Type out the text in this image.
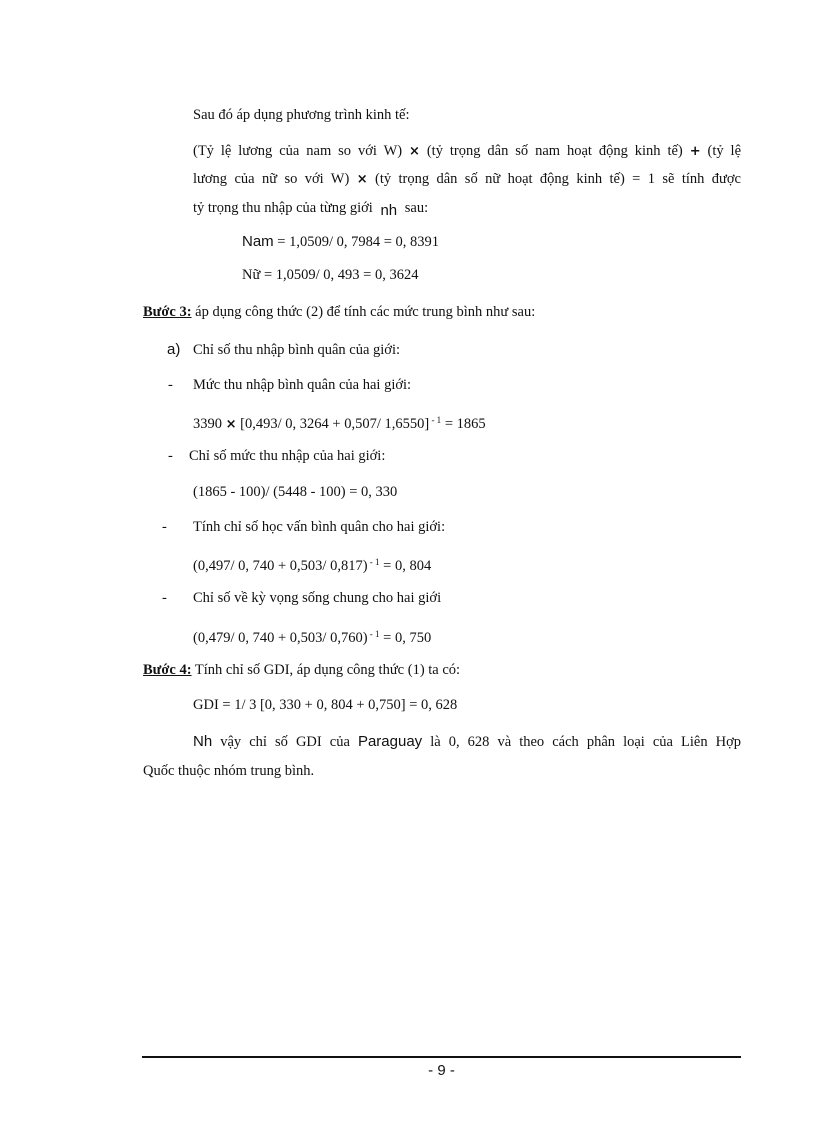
Sau đó áp dụng phương trình kinh tế:
(Tỷ lệ lương của nam so với W) × (tỷ trọng dân số nam hoạt động kinh tế) + (tỷ lệ
lương của nữ so với W) × (tỷ trọng dân số nữ hoạt động kinh tế) = 1 sẽ tính được
tỷ trọng thu nhập của từng giới nh sau:
Nam = 1,0509/ 0, 7984 = 0, 8391
Nữ = 1,0509/ 0, 493 = 0, 3624
Bước 3: áp dụng công thức (2) để tính các mức trung bình như sau:
a) Chỉ số thu nhập bình quân của giới:
- Mức thu nhập bình quân của hai giới:
3390 × [0,493/ 0, 3264 + 0,507/ 1,6550] $^{- 1}$ = 1865
- Chỉ số mức thu nhập của hai giới:
(1865 - 100)/ (5448 - 100) = 0, 330
- Tính chỉ số học vấn bình quân cho hai giới:
(0,497/ 0, 740 + 0,503/ 0,817) $^{- 1}$ = 0, 804
- Chỉ số về kỳ vọng sống chung cho hai giới
(0,479/ 0, 740 + 0,503/ 0,760) $^{- 1}$ = 0, 750
Bước 4: Tính chỉ số GDI, áp dụng công thức (1) ta có:
GDI = 1/ 3 [0, 330 + 0, 804 + 0,750] = 0, 628
Nh vậy chỉ số GDI của Paraguay là 0, 628 và theo cách phân loại của Liên Hợp
Quốc thuộc nhóm trung bình.
- 9 -
